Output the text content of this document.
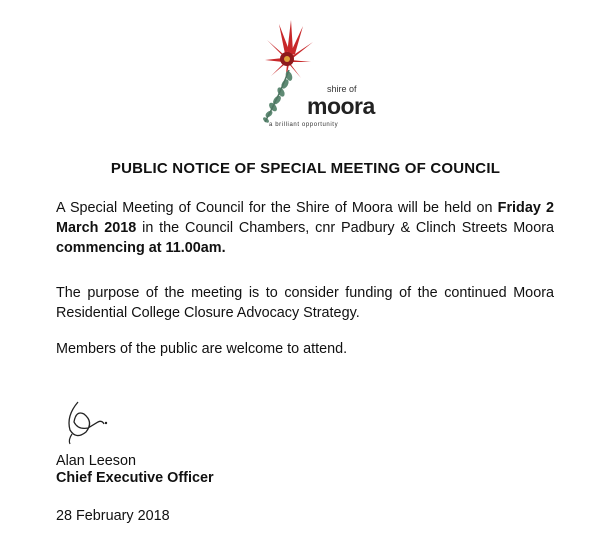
shire of
moora
a brilliant opportunity
PUBLIC NOTICE OF SPECIAL MEETING OF COUNCIL
A Special Meeting of Council for the Shire of Moora will be held on Friday 2 March 2018 in the Council Chambers, cnr Padbury & Clinch Streets Moora commencing at 11.00am.
The purpose of the meeting is to consider funding of the continued Moora Residential College Closure Advocacy Strategy.
Members of the public are welcome to attend.
Alan Leeson
Chief Executive Officer
28 February 2018
